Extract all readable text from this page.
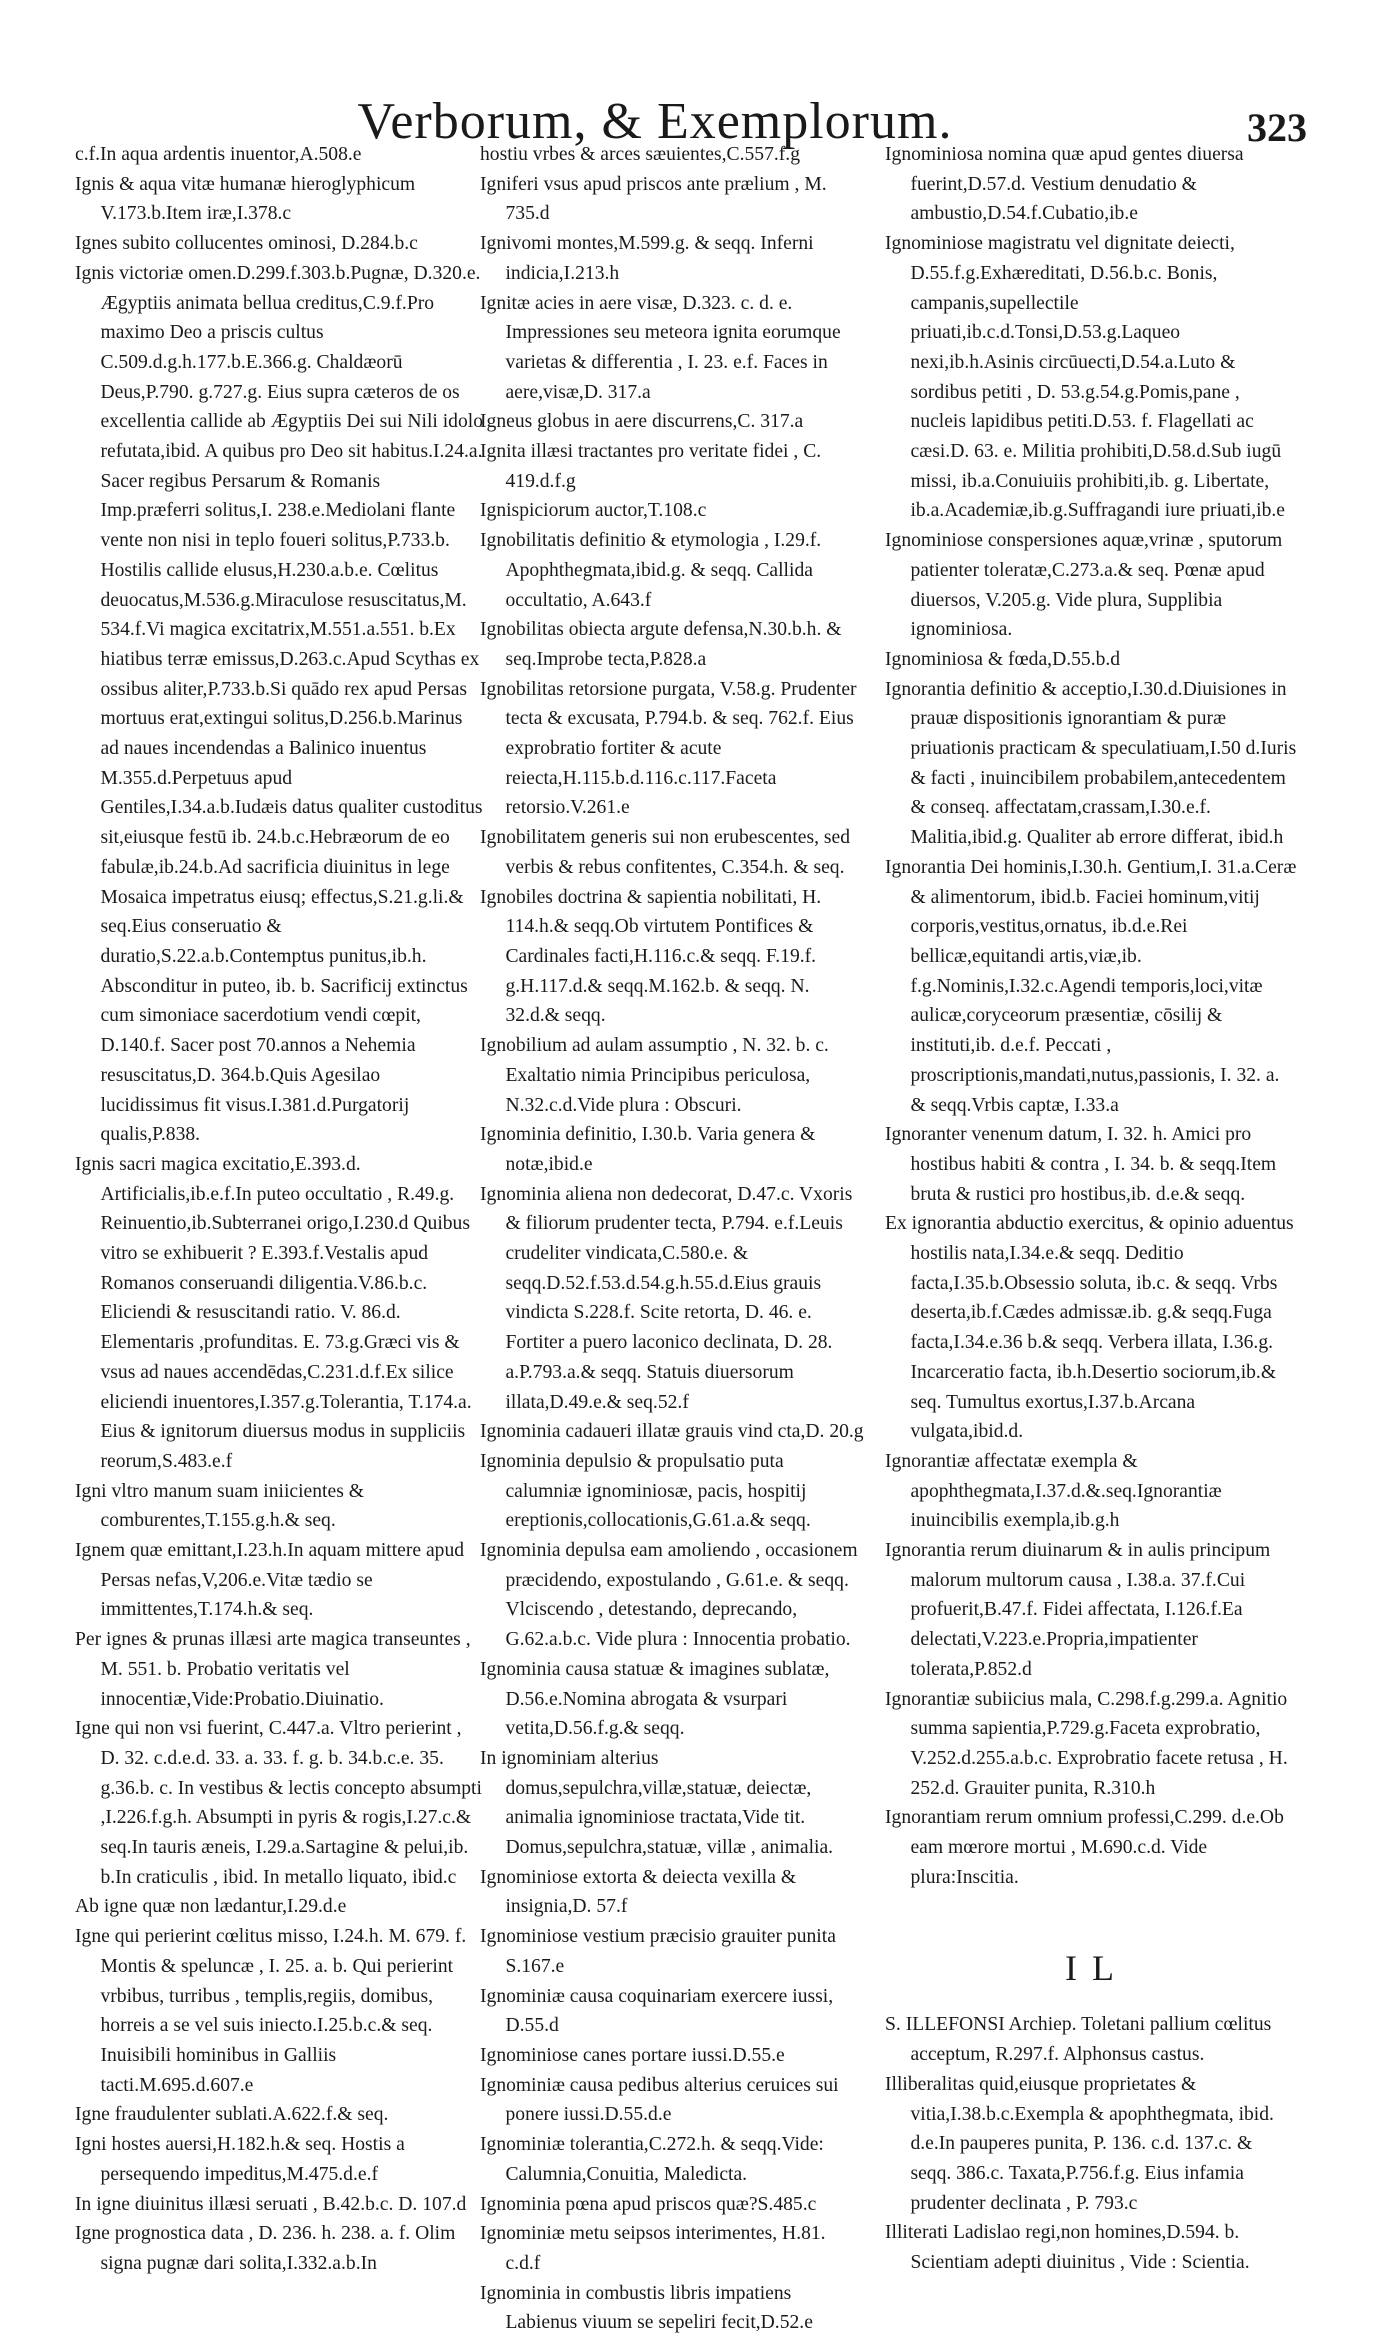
Verborum, & Exemplorum.	323

c.f.In aqua ardentis inuentor,A.508.e

Ignis & aqua vitæ humanæ hieroglyphicum V.173.b.Item iræ,I.378.c

Ignes subito collucentes ominosi, D.284.b.c

Ignis victoriæ omen.D.299.f.303.b.Pugnæ, D.320.e. Ægyptiis animata bellua creditus,C.9.f.Pro maximo Deo a priscis cultus C.509.d.g.h.177.b.E.366.g. Chaldæorū Deus,P.790. g.727.g. Eius supra cæteros de os excellentia callide ab Ægyptiis Dei sui Nili idolo refutata,ibid. A quibus pro Deo sit habitus.I.24.a. Sacer regibus Persarum & Romanis Imp.præferri solitus,I. 238.e.Mediolani flante vente non nisi in teplo foueri solitus,P.733.b. Hostilis callide elusus,H.230.a.b.e. Cœlitus deuocatus,M.536.g.Miraculose resuscitatus,M. 534.f.Vi magica excitatrix,M.551.a.551. b.Ex hiatibus terræ emissus,D.263.c.Apud Scythas ex ossibus aliter,P.733.b.Si quādo rex apud Persas mortuus erat,extingui solitus,D.256.b.Marinus ad naues incendendas a Balinico inuentus M.355.d.Perpetuus apud Gentiles,I.34.a.b.Iudæis datus qualiter custoditus sit,eiusque festū ib. 24.b.c.Hebræorum de eo fabulæ,ib.24.b.Ad sacrificia diuinitus in lege Mosaica impetratus eiusq; effectus,S.21.g.li.& seq.Eius conseruatio & duratio,S.22.a.b.Contemptus punitus,ib.h. Absconditur in puteo, ib. b. Sacrificij extinctus cum simoniace sacerdotium vendi cœpit, D.140.f. Sacer post 70.annos a Nehemia resuscitatus,D. 364.b.Quis Agesilao lucidissimus fit visus.I.381.d.Purgatorij qualis,P.838.

Ignis sacri magica excitatio,E.393.d. Artificialis,ib.e.f.In puteo occultatio , R.49.g. Reinuentio,ib.Subterranei origo,I.230.d Quibus vitro se exhibuerit ? E.393.f.Vestalis apud Romanos conseruandi diligentia.V.86.b.c. Eliciendi & resuscitandi ratio. V. 86.d. Elementaris ,profunditas. E. 73.g.Græci vis & vsus ad naues accendēdas,C.231.d.f.Ex silice eliciendi inuentores,I.357.g.Tolerantia, T.174.a. Eius & ignitorum diuersus modus in suppliciis reorum,S.483.e.f

Igni vltro manum suam iniicientes & comburentes,T.155.g.h.& seq.

Ignem quæ emittant,I.23.h.In aquam mittere apud Persas nefas,V,206.e.Vitæ tædio se immittentes,T.174.h.& seq.

Per ignes & prunas illæsi arte magica transeuntes , M. 551. b. Probatio veritatis vel innocentiæ,Vide:Probatio.Diuinatio.

Igne qui non vsi fuerint, C.447.a. Vltro perierint , D. 32. c.d.e.d. 33. a. 33. f. g. b. 34.b.c.e. 35. g.36.b. c. In vestibus & lectis concepto absumpti ,I.226.f.g.h. Absumpti in pyris & rogis,I.27.c.& seq.In tauris æneis, I.29.a.Sartagine & pelui,ib. b.In craticulis , ibid. In metallo liquato, ibid.c

Ab igne quæ non lædantur,I.29.d.e

Igne qui perierint cœlitus misso, I.24.h. M. 679. f. Montis & speluncæ , I. 25. a. b. Qui perierint vrbibus, turribus , templis,regiis, domibus, horreis a se vel suis iniecto.I.25.b.c.& seq. Inuisibili hominibus in Galliis tacti.M.695.d.607.e

Igne fraudulenter sublati.A.622.f.& seq.

Igni hostes auersi,H.182.h.& seq. Hostis a persequendo impeditus,M.475.d.e.f

In igne diuinitus illæsi seruati , B.42.b.c. D. 107.d

Igne prognostica data , D. 236. h. 238. a. f. Olim signa pugnæ dari solita,I.332.a.b.In

hostiu vrbes & arces sæuientes,C.557.f.g

Igniferi vsus apud priscos ante prælium , M. 735.d

Ignivomi montes,M.599.g. & seqq. Inferni indicia,I.213.h

Ignitæ acies in aere visæ, D.323. c. d. e. Impressiones seu meteora ignita eorumque varietas & differentia , I. 23. e.f. Faces in aere,visæ,D. 317.a

Igneus globus in aere discurrens,C. 317.a

Ignita illæsi tractantes pro veritate fidei , C. 419.d.f.g

Ignispiciorum auctor,T.108.c

Ignobilitatis definitio & etymologia , I.29.f. Apophthegmata,ibid.g. & seqq. Callida occultatio, A.643.f

Ignobilitas obiecta argute defensa,N.30.b.h. & seq.Improbe tecta,P.828.a

Ignobilitas retorsione purgata, V.58.g. Prudenter tecta & excusata, P.794.b. & seq. 762.f. Eius exprobratio fortiter & acute reiecta,H.115.b.d.116.c.117.Faceta retorsio.V.261.e

Ignobilitatem generis sui non erubescentes, sed verbis & rebus confitentes, C.354.h. & seq.

Ignobiles doctrina & sapientia nobilitati, H. 114.h.& seqq.Ob virtutem Pontifices & Cardinales facti,H.116.c.& seqq. F.19.f. g.H.117.d.& seqq.M.162.b. & seqq. N. 32.d.& seqq.

Ignobilium ad aulam assumptio , N. 32. b. c. Exaltatio nimia Principibus periculosa, N.32.c.d.Vide plura : Obscuri.

Ignominia definitio, I.30.b. Varia genera & notæ,ibid.e

Ignominia aliena non dedecorat, D.47.c. Vxoris & filiorum prudenter tecta, P.794. e.f.Leuis crudeliter vindicata,C.580.e. & seqq.D.52.f.53.d.54.g.h.55.d.Eius grauis vindicta S.228.f. Scite retorta, D. 46. e. Fortiter a puero laconico declinata, D. 28. a.P.793.a.& seqq. Statuis diuersorum illata,D.49.e.& seq.52.f

Ignominia cadaueri illatæ grauis vind cta,D. 20.g

Ignominia depulsio & propulsatio puta calumniæ ignominiosæ, pacis, hospitij ereptionis,collocationis,G.61.a.& seqq.

Ignominia depulsa eam amoliendo , occasionem præcidendo, expostulando , G.61.e. & seqq. Vlciscendo , detestando, deprecando, G.62.a.b.c. Vide plura : Innocentia probatio.

Ignominia causa statuæ & imagines sublatæ, D.56.e.Nomina abrogata & vsurpari vetita,D.56.f.g.& seqq.

In ignominiam alterius domus,sepulchra,villæ,statuæ, deiectæ, animalia ignominiose tractata,Vide tit. Domus,sepulchra,statuæ, villæ , animalia.

Ignominiose extorta & deiecta vexilla & insignia,D. 57.f

Ignominiose vestium præcisio grauiter punita S.167.e

Ignominiæ causa coquinariam exercere iussi, D.55.d

Ignominiose canes portare iussi.D.55.e

Ignominiæ causa pedibus alterius ceruices sui ponere iussi.D.55.d.e

Ignominiæ tolerantia,C.272.h. & seqq.Vide: Calumnia,Conuitia, Maledicta.

Ignominia pœna apud priscos quæ?S.485.c

Ignominiæ metu seipsos interimentes, H.81. c.d.f

Ignominia in combustis libris impatiens Labienus viuum se sepeliri fecit,D.52.e

Ignominiosa nomina quæ apud gentes diuersa fuerint,D.57.d. Vestium denudatio & ambustio,D.54.f.Cubatio,ib.e

Ignominiose magistratu vel dignitate deiecti, D.55.f.g.Exhæreditati, D.56.b.c. Bonis, campanis,supellectile priuati,ib.c.d.Tonsi,D.53.g.Laqueo nexi,ib.h.Asinis circūuecti,D.54.a.Luto & sordibus petiti , D. 53.g.54.g.Pomis,pane , nucleis lapidibus petiti.D.53. f. Flagellati ac cæsi.D. 63. e. Militia prohibiti,D.58.d.Sub iugū missi, ib.a.Conuiuiis prohibiti,ib. g. Libertate, ib.a.Academiæ,ib.g.Suffragandi iure priuati,ib.e

Ignominiose conspersiones aquæ,vrinæ , sputorum patienter toleratæ,C.273.a.& seq. Pœnæ apud diuersos, V.205.g. Vide plura, Supplibia ignominiosa.

Ignominiosa & fœda,D.55.b.d

Ignorantia definitio & acceptio,I.30.d.Diuisiones in prauæ dispositionis ignorantiam & puræ priuationis practicam & speculatiuam,I.50 d.Iuris & facti , inuincibilem probabilem,antecedentem & conseq. affectatam,crassam,I.30.e.f. Malitia,ibid.g. Qualiter ab errore differat, ibid.h

Ignorantia Dei hominis,I.30.h. Gentium,I. 31.a.Ceræ & alimentorum, ibid.b. Faciei hominum,vitij corporis,vestitus,ornatus, ib.d.e.Rei bellicæ,equitandi artis,viæ,ib. f.g.Nominis,I.32.c.Agendi temporis,loci,vitæ aulicæ,coryceorum præsentiæ, cōsilij & instituti,ib. d.e.f. Peccati , proscriptionis,mandati,nutus,passionis, I. 32. a. & seqq.Vrbis captæ, I.33.a

Ignoranter venenum datum, I. 32. h. Amici pro hostibus habiti & contra , I. 34. b. & seqq.Item bruta & rustici pro hostibus,ib. d.e.& seqq.

Ex ignorantia abductio exercitus, & opinio aduentus hostilis nata,I.34.e.& seqq. Deditio facta,I.35.b.Obsessio soluta, ib.c. & seqq. Vrbs deserta,ib.f.Cædes admissæ.ib. g.& seqq.Fuga facta,I.34.e.36 b.& seqq. Verbera illata, I.36.g. Incarceratio facta, ib.h.Desertio sociorum,ib.& seq. Tumultus exortus,I.37.b.Arcana vulgata,ibid.d.

Ignorantiæ affectatæ exempla & apophthegmata,I.37.d.&.seq.Ignorantiæ inuincibilis exempla,ib.g.h

Ignorantia rerum diuinarum & in aulis principum malorum multorum causa , I.38.a. 37.f.Cui profuerit,B.47.f. Fidei affectata, I.126.f.Ea delectati,V.223.e.Propria,impatienter tolerata,P.852.d

Ignorantiæ subiicius mala, C.298.f.g.299.a. Agnitio summa sapientia,P.729.g.Faceta exprobratio, V.252.d.255.a.b.c. Exprobratio facete retusa , H. 252.d. Grauiter punita, R.310.h

Ignorantiam rerum omnium professi,C.299. d.e.Ob eam mœrore mortui , M.690.c.d. Vide plura:Inscitia.

I L

S. ILLEFONSI Archiep. Toletani pallium cœlitus acceptum, R.297.f. Alphonsus castus.

Illiberalitas quid,eiusque proprietates & vitia,I.38.b.c.Exempla & apophthegmata, ibid. d.e.In pauperes punita, P. 136. c.d. 137.c. & seqq. 386.c. Taxata,P.756.f.g. Eius infamia prudenter declinata , P. 793.c

Illiterati Ladislao regi,non homines,D.594. b. Scientiam adepti diuinitus , Vide : Scientia.
